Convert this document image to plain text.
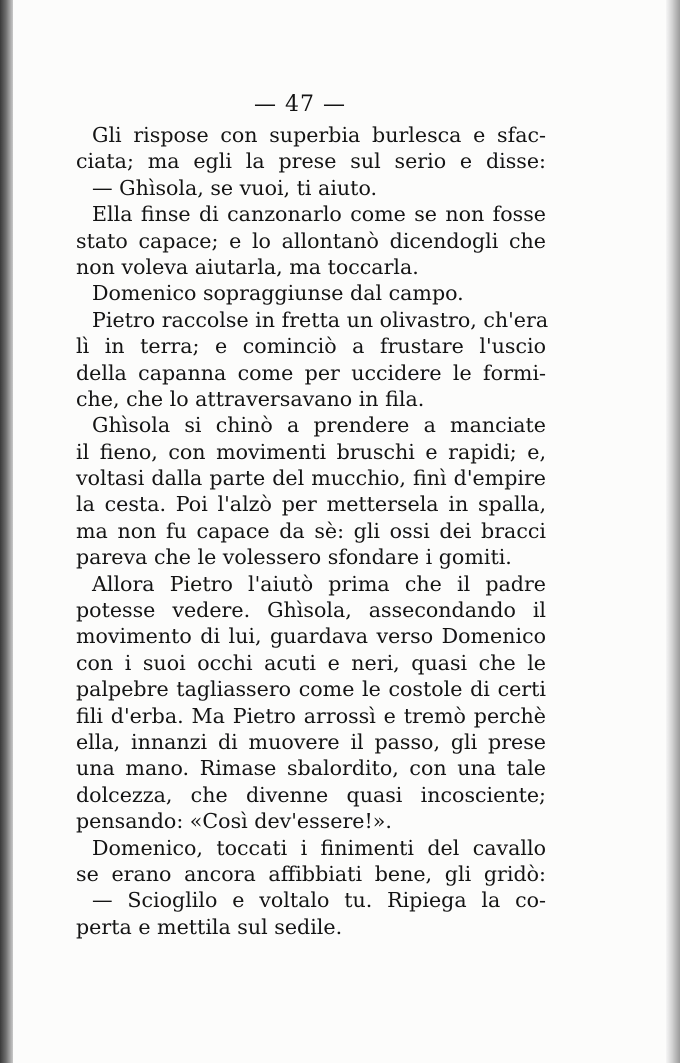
— 47 —
Gli rispose con superbia burlesca e sfac-
ciata; ma egli la prese sul serio e disse:
— Ghìsola, se vuoi, ti aiuto.
Ella finse di canzonarlo come se non fosse
stato capace; e lo allontanò dicendogli che
non voleva aiutarla, ma toccarla.
Domenico sopraggiunse dal campo.
Pietro raccolse in fretta un olivastro, ch'era
lì in terra; e cominciò a frustare l'uscio
della capanna come per uccidere le formi-
che, che lo attraversavano in fila.
Ghìsola si chinò a prendere a manciate
il fieno, con movimenti bruschi e rapidi; e,
voltasi dalla parte del mucchio, finì d'empire
la cesta. Poi l'alzò per mettersela in spalla,
ma non fu capace da sè: gli ossi dei bracci
pareva che le volessero sfondare i gomiti.
Allora Pietro l'aiutò prima che il padre
potesse vedere. Ghìsola, assecondando il
movimento di lui, guardava verso Domenico
con i suoi occhi acuti e neri, quasi che le
palpebre tagliassero come le costole di certi
fili d'erba. Ma Pietro arrossì e tremò perchè
ella, innanzi di muovere il passo, gli prese
una mano. Rimase sbalordito, con una tale
dolcezza, che divenne quasi incosciente;
pensando: «Così dev'essere!».
Domenico, toccati i finimenti del cavallo
se erano ancora affibbiati bene, gli gridò:
— Scioglilo e voltalo tu. Ripiega la co-
perta e mettila sul sedile.
